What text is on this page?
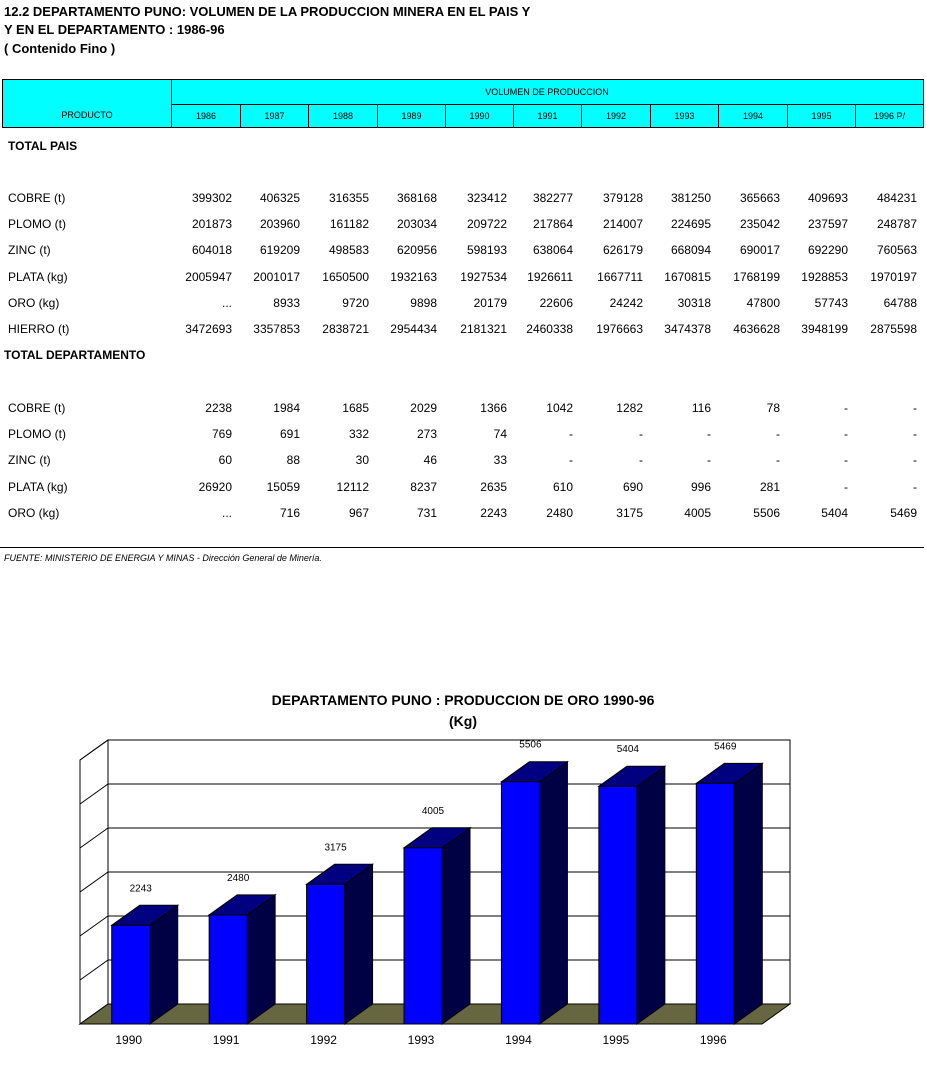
12.2 DEPARTAMENTO PUNO: VOLUMEN DE LA PRODUCCION MINERA EN EL PAIS Y
Y EN EL DEPARTAMENTO : 1986-96
( Contenido Fino )
PRODUCTO
VOLUMEN DE PRODUCCION
1986	1987	1988	1989	1990	1991	1992	1993	1994	1995	1996 P/
TOTAL PAIS
COBRE (t)	399302	406325	316355	368168	323412	382277	379128	381250	365663	409693	484231
PLOMO (t)	201873	203960	161182	203034	209722	217864	214007	224695	235042	237597	248787
ZINC (t)	604018	619209	498583	620956	598193	638064	626179	668094	690017	692290	760563
PLATA (kg)	2005947	2001017	1650500	1932163	1927534	1926611	1667711	1670815	1768199	1928853	1970197
ORO (kg)	...	8933	9720	9898	20179	22606	24242	30318	47800	57743	64788
HIERRO (t)	3472693	3357853	2838721	2954434	2181321	2460338	1976663	3474378	4636628	3948199	2875598
TOTAL DEPARTAMENTO
COBRE (t)	2238	1984	1685	2029	1366	1042	1282	116	78	-	-
PLOMO (t)	769	691	332	273	74	-	-	-	-	-	-
ZINC (t)	60	88	30	46	33	-	-	-	-	-	-
PLATA (kg)	26920	15059	12112	8237	2635	610	690	996	281	-	-
ORO (kg)	...	716	967	731	2243	2480	3175	4005	5506	5404	5469
FUENTE: MINISTERIO DE ENERGIA Y MINAS - Dirección General de Minería.
DEPARTAMENTO PUNO : PRODUCCION DE ORO 1990-96
(Kg)
2243
1990
2480
1991
3175
1992
4005
1993
5506
1994
5404
1995
5469
1996
